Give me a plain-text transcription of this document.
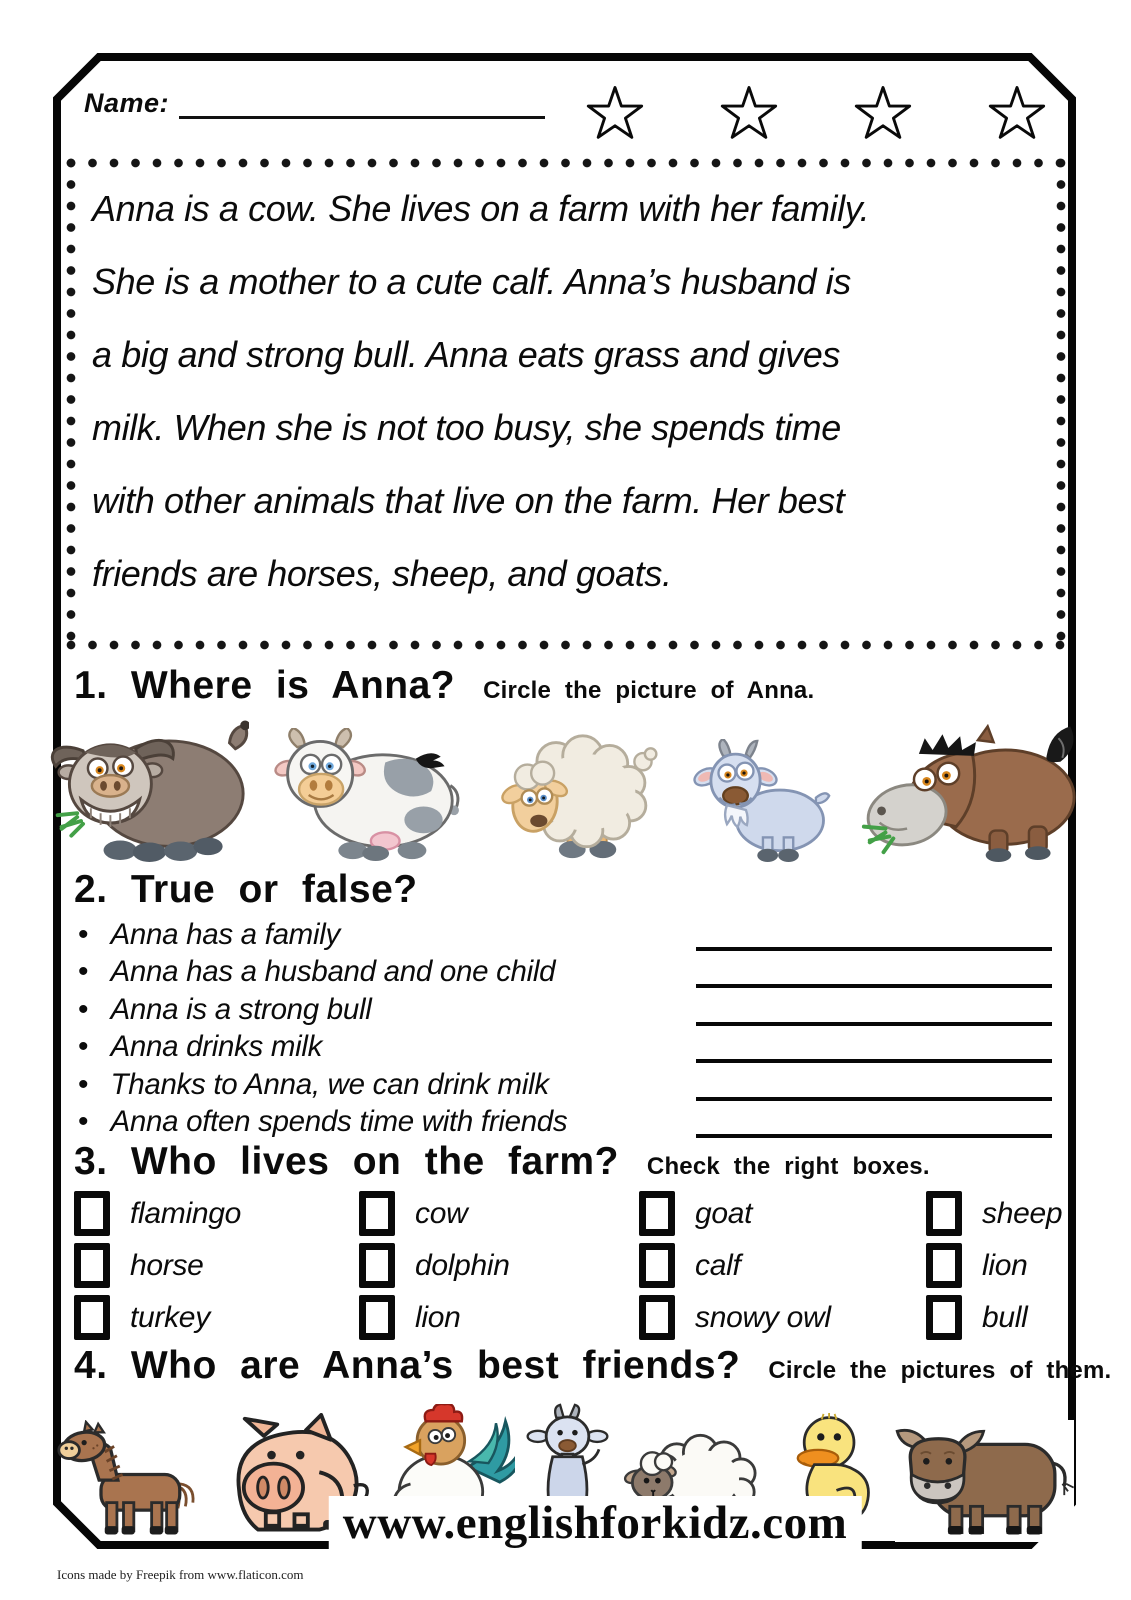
Name:
Anna is a cow. She lives on a farm with her family.
She is a mother to a cute calf. Anna’s husband is
a big and strong bull. Anna eats grass and gives
milk. When she is not too busy, she spends time
with other animals that live on the farm. Her best
friends are horses, sheep, and goats.
1. Where is Anna? Circle the picture of Anna.
2. True or false?
• Anna has a family
• Anna has a husband and one child
• Anna is a strong bull
• Anna drinks milk
• Thanks to Anna, we can drink milk
• Anna often spends time with friends
3. Who lives on the farm? Check the right boxes.
flamingo	cow	goat	sheep
horse	dolphin	calf	lion
turkey	lion	snowy owl	bull
4. Who are Anna’s best friends? Circle the pictures of them.
www.englishforkidz.com
Icons made by Freepik from www.flaticon.com
